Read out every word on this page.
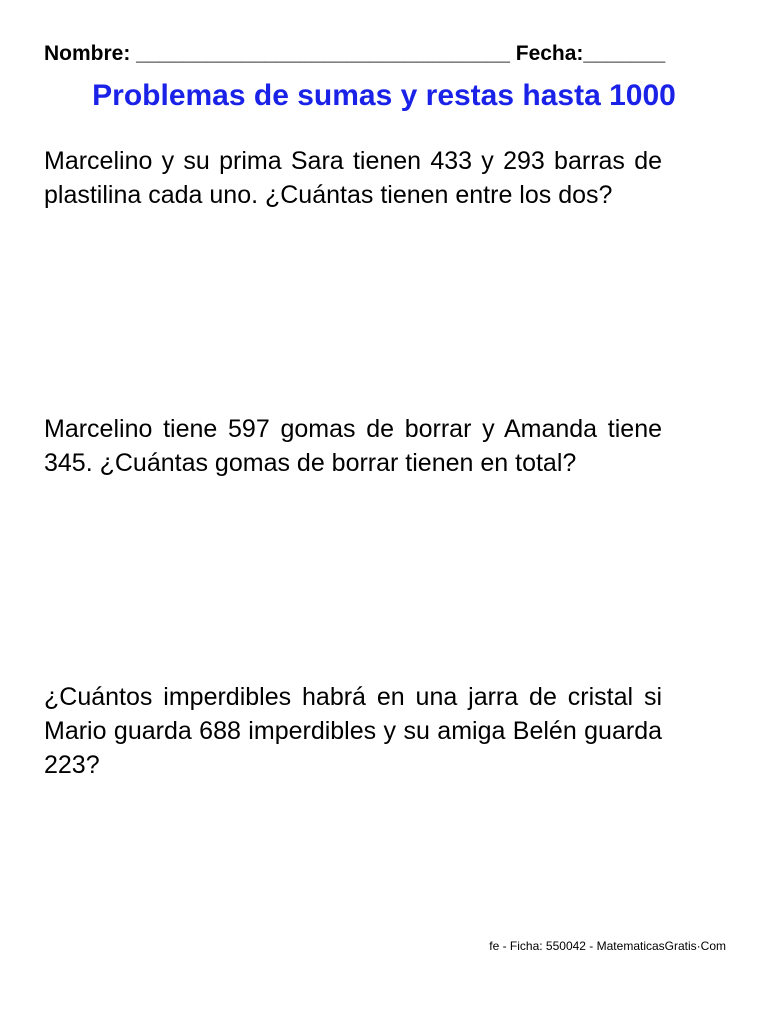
Nombre: ________________________________ Fecha:_______
Problemas de sumas y restas hasta 1000
Marcelino y su prima Sara tienen 433 y 293 barras de plastilina cada uno. ¿Cuántas tienen entre los dos?
Marcelino tiene 597 gomas de borrar y Amanda tiene 345. ¿Cuántas gomas de borrar tienen en total?
¿Cuántos imperdibles habrá en una jarra de cristal si Mario guarda 688 imperdibles y su amiga Belén guarda 223?
fe - Ficha: 550042 - MatematicasGratis·Com
